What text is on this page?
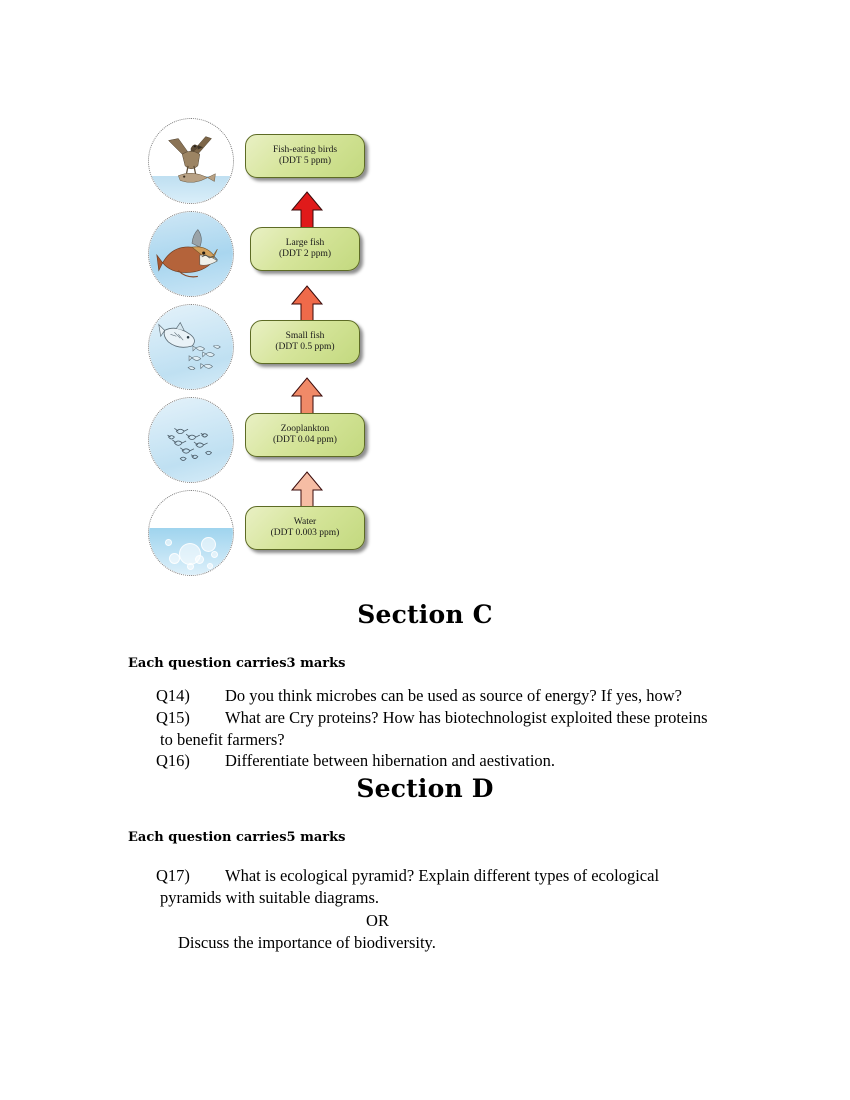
Fish-eating birds
(DDT 5 ppm)
Large fish
(DDT 2 ppm)
Small fish
(DDT 0.5 ppm)
Zooplankton
(DDT 0.04 ppm)
Water
(DDT 0.003 ppm)
Section C
Each question carries3 marks
Q14) Do you think microbes can be used as source of energy? If yes, how?
Q15) What are Cry proteins? How has biotechnologist exploited these proteins to benefit farmers?
Q16) Differentiate between hibernation and aestivation.
Section D
Each question carries5 marks
Q17) What is ecological pyramid? Explain different types of ecological pyramids with suitable diagrams.
OR
Discuss the importance of biodiversity.
